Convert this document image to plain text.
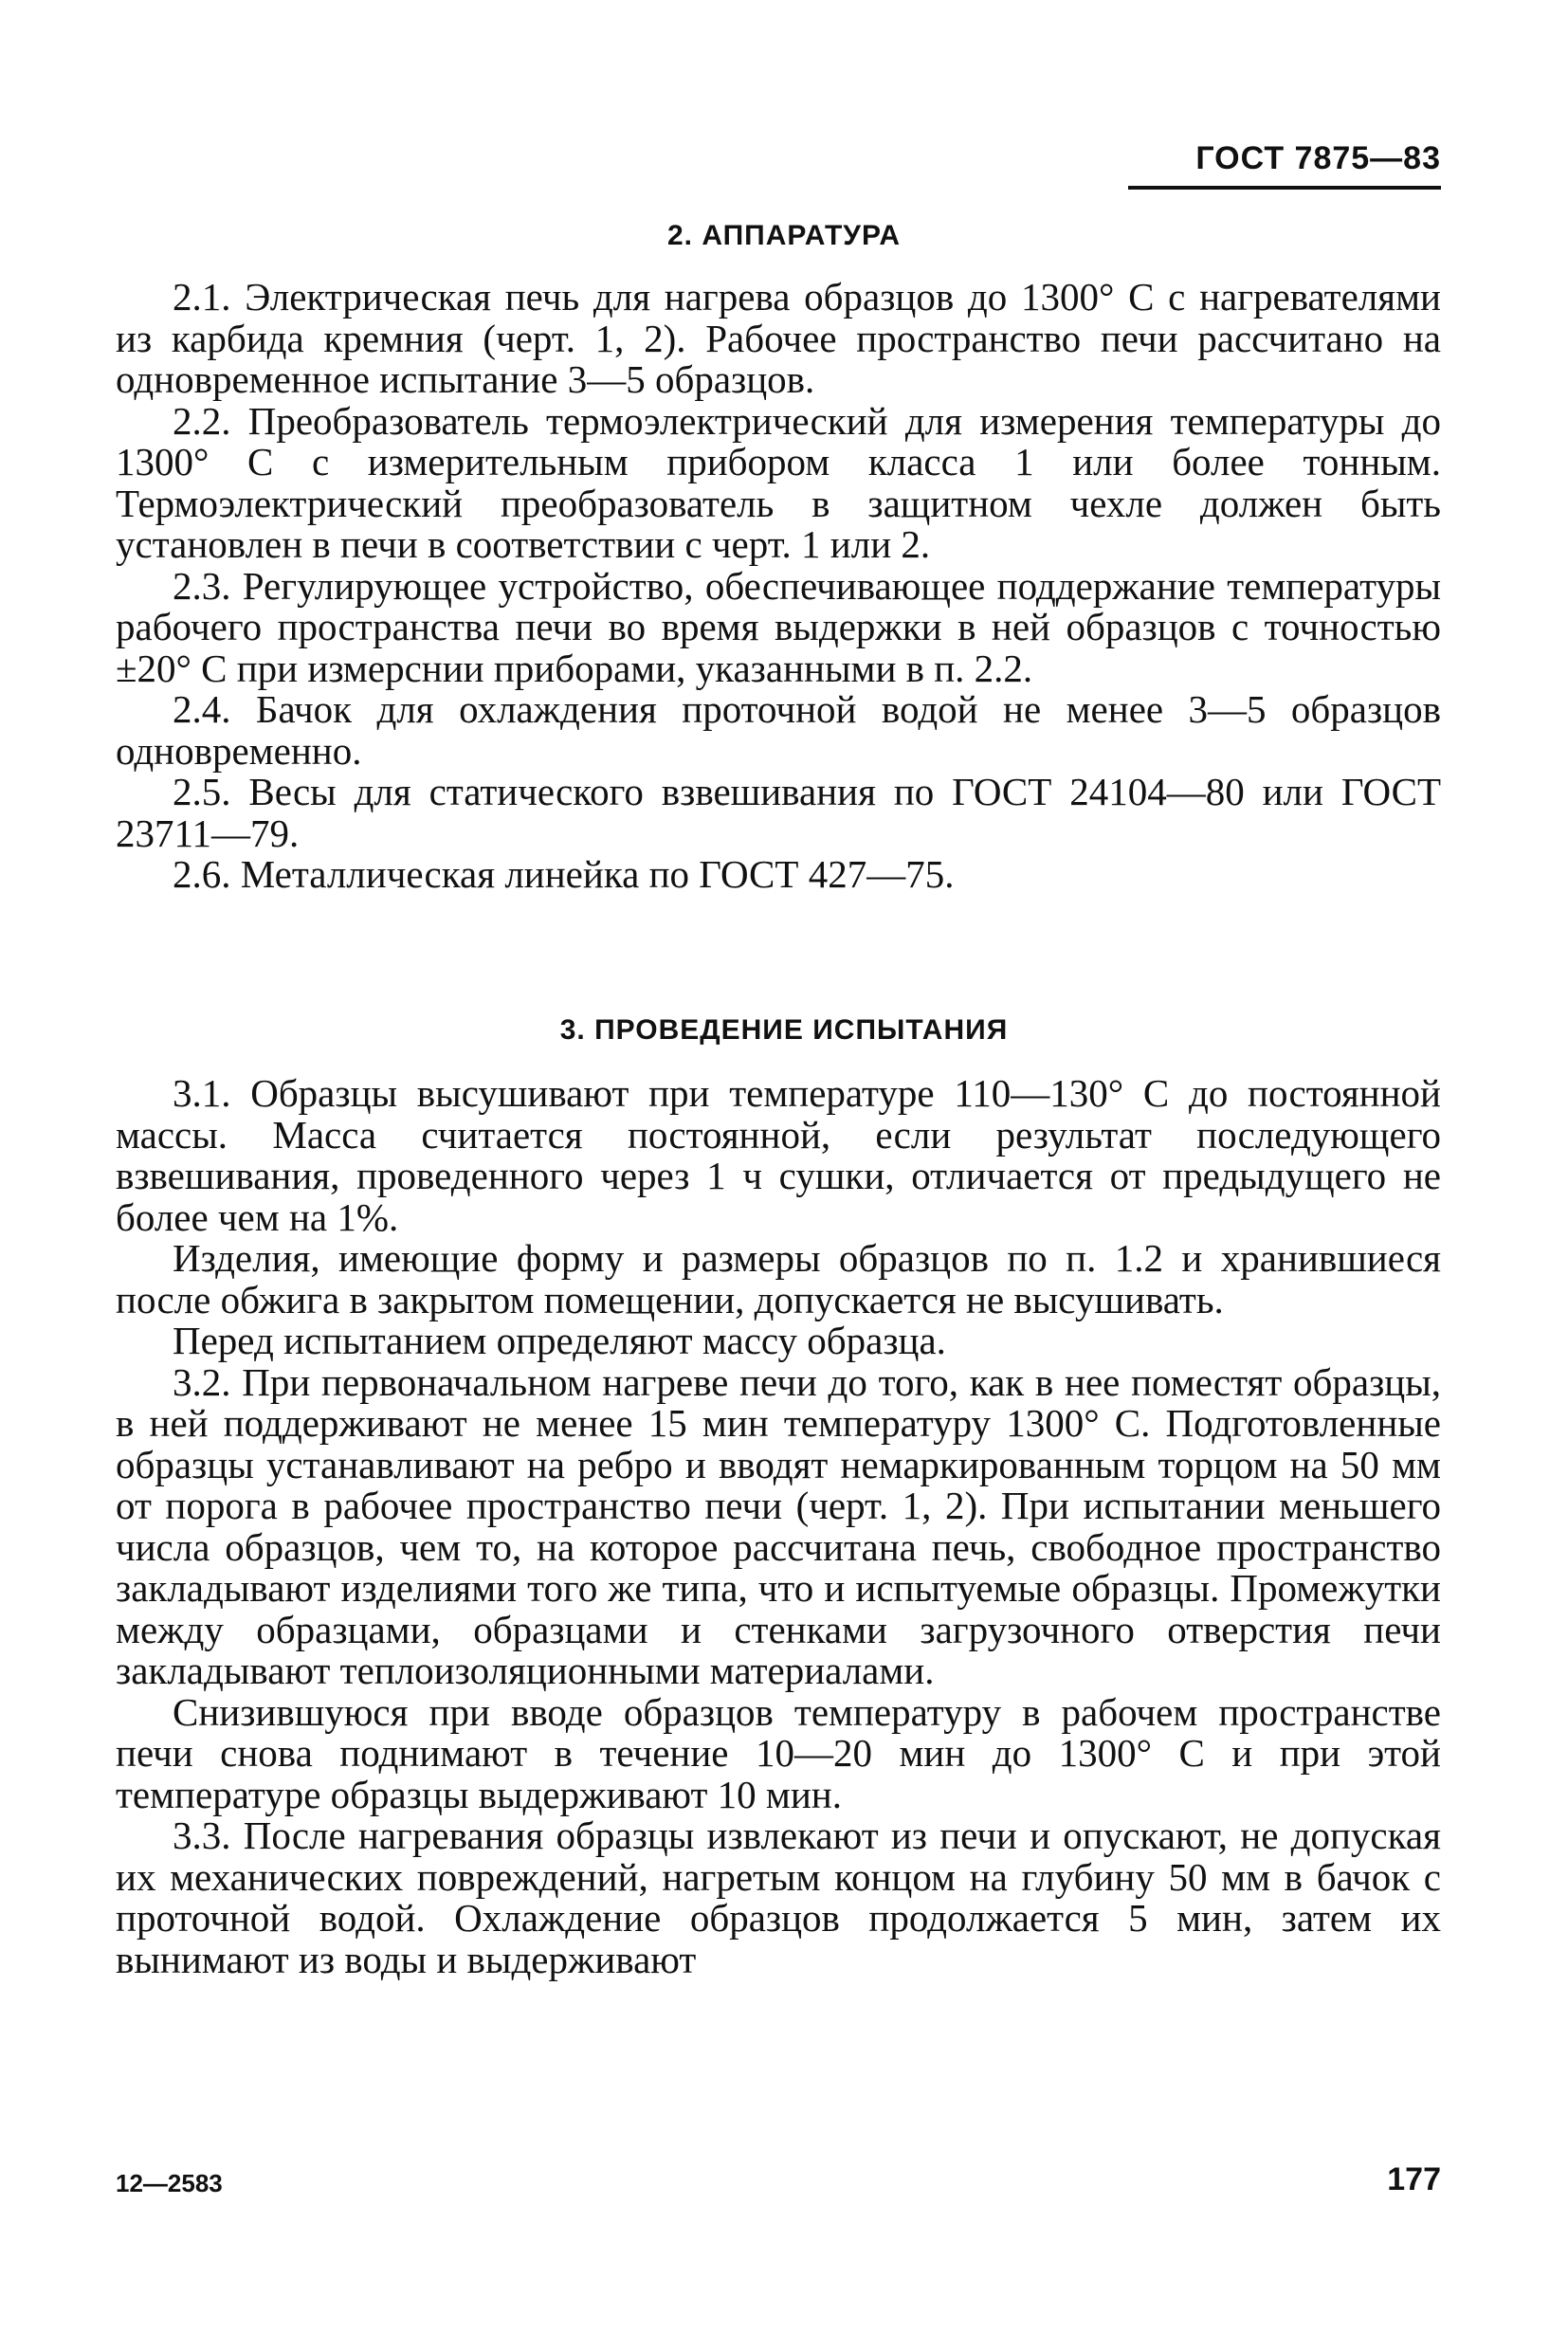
ГОСТ 7875—83
2. АППАРАТУРА

2.1. Электрическая печь для нагрева образцов до 1300° С с нагревателями из карбида кремния (черт. 1, 2). Рабочее пространство печи рассчитано на одновременное испытание 3—5 образцов.

2.2. Преобразователь термоэлектрический для измерения температуры до 1300° С с измерительным прибором класса 1 или более тонным. Термоэлектрический преобразователь в защитном чехле должен быть установлен в печи в соответствии с черт. 1 или 2.

2.3. Регулирующее устройство, обеспечивающее поддержание температуры рабочего пространства печи во время выдержки в ней образцов с точностью ±20° С при измерснии приборами, указанными в п. 2.2.

2.4. Бачок для охлаждения проточной водой не менее 3—5 образцов одновременно.

2.5. Весы для статического взвешивания по ГОСТ 24104—80 или ГОСТ 23711—79.

2.6. Металлическая линейка по ГОСТ 427—75.

3. ПРОВЕДЕНИЕ ИСПЫТАНИЯ

3.1. Образцы высушивают при температуре 110—130° С до постоянной массы. Масса считается постоянной, если результат последующего взвешивания, проведенного через 1 ч сушки, отличается от предыдущего не более чем на 1%.

Изделия, имеющие форму и размеры образцов по п. 1.2 и хранившиеся после обжига в закрытом помещении, допускается не высушивать.

Перед испытанием определяют массу образца.

3.2. При первоначальном нагреве печи до того, как в нее поместят образцы, в ней поддерживают не менее 15 мин температуру 1300° С. Подготовленные образцы устанавливают на ребро и вводят немаркированным торцом на 50 мм от порога в рабочее пространство печи (черт. 1, 2). При испытании меньшего числа образцов, чем то, на которое рассчитана печь, свободное пространство закладывают изделиями того же типа, что и испытуемые образцы. Промежутки между образцами, образцами и стенками загрузочного отверстия печи закладывают теплоизоляционными материалами.

Снизившуюся при вводе образцов температуру в рабочем пространстве печи снова поднимают в течение 10—20 мин до 1300° С и при этой температуре образцы выдерживают 10 мин.

3.3. После нагревания образцы извлекают из печи и опускают, не допуская их механических повреждений, нагретым концом на глубину 50 мм в бачок с проточной водой. Охлаждение образцов продолжается 5 мин, затем их вынимают из воды и выдерживают

12—2583	177
